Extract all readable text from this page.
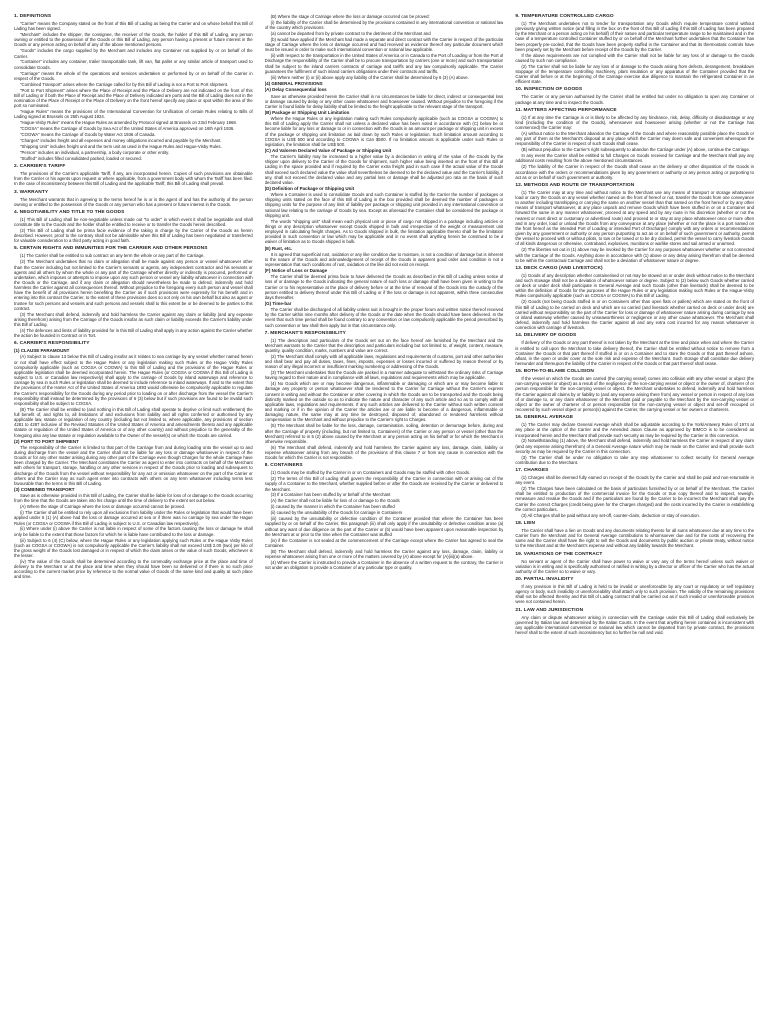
1. DEFINITIONS

"Carrier" means the Company stated on the front of this Bill of Lading as being the Carrier and on whose behalf this Bill of Lading has been signed.

"Merchant" includes the shipper, the consignee, the receiver of the Goods, the holder of this Bill of Lading, any person owning or entitled to the possession of the Goods or this Bill of Lading, any person having a present or future interest in the Goods or any person acting on behalf of any of the above mentioned persons.

"Goods" includes the cargo supplied by the Merchant and includes any Container not supplied by or on behalf of the Carrier.

"Container" includes any container, trailer transportable tank, lift van, flat pallet or any similar article of transport used to consolidate Goods.

"Carriage" means the whole of the operations and services undertaken or performed by or on behalf of the Carrier in respect of the Goods.

"Combined Transport" arises where the Carriage called for by this Bill of Lading is not a Port to Port shipment.

"Port to Port Shipment" arises where the Place of Receipt and the Place of Delivery are not indicated on the front of this Bill of Lading or if both the Place of Receipt and the Place of Delivery indicated are ports and the Bill of Lading does not in the nomination of the Place of Receipt or the Place of Delivery on the front hereof specify any place or spot within the area of the port so nominated.

"Hague Rules" means the provisions of the International Convention for Unification of certain Rules relating to Bills of Lading signed at Brussels on 25th August 1924.

"Hague-Visby Rules" means the Hague Rules as amended by Protocol signed at Brussels on 23rd February 1968.

"COGSA" means the Carriage of Goods by Sea Act of the United States of America approved on 16th April 1936.

"COGWA" means the Carriage of Goods by Water Act 1936 of Canada.

"Charges" includes freight and all expenses and money obligations incurred and payable by the Merchant.

"Shipping Unit" includes freight unit and the term unit as used in the Hague Rules and Hague-Visby Rules.

"Person" includes an individual, a partnership, a body corporate or other entity.

"Stuffed" includes filled consolidated packed, loaded or secured.

2. CARRIER'S TARIFF

The provisions of the Carrier's applicable Tariff, if any, are incorporated herein. Copies of such provisions are obtainable from the Carrier or his agents upon request or where applicable, from a government body with whom the Tariff has been filed. In the case of inconsistency between this Bill of Lading and the applicable Tariff, this Bill of Lading shall prevail.

3. WARRANTY

The Merchant warrants that in agreeing to the terms hereof he is or is the agent of and has the authority of the person owning or entitled to the possession of the Goods or any person who has a present or future interest in the Goods.

4. NEGOTIABILITY AND TITLE TO THE GOODS

(1) This Bill of Lading shall be non-negotiable unless made out "to order" in which event it shall be negotiable and shall constitute title to the Goods and the holder shall be entitled to receive or to transfer the Goods herein described.

(2) This Bill of Lading shall be prima facie evidence of the taking in charge by the Carrier of the Goods as herein described. However, proof to the contrary shall not be admissible when this Bill of Lading has been negotiated or transferred for valuable consideration to a third party acting in good faith.

5. CERTAIN RIGHTS AND IMMUNITIES FOR THE CARRIER AND OTHER PERSONS

(1) The Carrier shall be entitled to sub contract on any term the whole or any part of the Carriage.

(2) The Merchant undertakes that no claim or allegation shall be made against any person or vessel whatsoever other than the Carrier including but not limited to the Carrier's servants or agents, any independent contractor and his servants or agents and all others by whom the whole or any part of the Carriage whether directly or indirectly is procured, performed or undertaken, which imposes or attempts to impose upon any such person or vessel any liability whatsoever in connection with the Goods or the Carriage, and if any claim or allegation should nevertheless be made to defend, indemnify and hold harmless the Carrier against all consequences thereof. Without prejudice to the foregoing every such person and vessel shall have the benefit of all provisions herein benefiting the Carrier as if such provisions were expressly for his benefit and in entering into this contract the Carrier, to the extent of these provisions does so not only on his own behalf but also as agent or trustee for such persons and vessels and such persons and vessels shall to this extent be or be deemed to be parties to this contract.

(3) The Merchant shall defend, indemnify and hold harmless the Carrier against any claim or liability (and any expense arising therefrom) arising from the Carriage of the Goods insofar as such claim or liability exceeds the Carrier's liability under this Bill of Lading.

(4) The defences and limits of liability provided for in this Bill of Lading shall apply in any action against the Carrier whether the action be founded in Contract or in Tort.

6. CARRIER'S RESPONSIBILITY
(1) CLAUSE PARAMOUNT

(A) Subject to clause 13 below this Bill of Lading insofar as it relates to sea carriage by any vessel whether named herein or not shall have effect subject to the Hague Rules or any legislation making such Rules or the Hague Visby Rules compulsorily applicable (such as COGSA or COGWA) to this Bill of Lading and the provisions of the Hague Rules or applicable legislation shall be deemed incorporated herein. The Hague Rules (or COGSA or COGWA if this Bill of Lading is subject to U.S. or Canadian law respectively) shall apply to the carriage of Goods by inland waterways and reference to carriage by sea in such Rules or legislation shall be deemed to include reference to inland waterways. If and to the extent that the provisions of the Harter Act of the United States of America 1893 would otherwise be compulsorily applicable to regulate the Carrier's responsibility for the Goods during any period prior to loading on or after discharge from the vessel the Carrier's responsibility shall instead be determined by the provisions of 6 (3) below but if such provisions are found to be invalid such responsibility shall be subject to COGSA.

(B) The Carrier shall be entitled to (and nothing in this Bill of Lading shall operate to deprive or limit such entitlement) the full benefit of, and rights to, all limitations of and exclusions from liability and all rights conferred or authorised by any applicable law, statute or regulation of any country (including but not limited to, where applicable, any provisions of section 4281 to 4287 inclusive of the Revised Statutes of the United States of America and amendments thereto and any applicable statute or regulation of the United States of America or of any other country) and without prejudice to the generality of the foregoing also any law statute or regulation available to the Owner of the vessel(s) on which the Goods are carried.

(2) PORT TO PORT SHIPMENT

The responsibility of the Carrier is limited to that part of the Carriage from and during loading onto the vessel up to and during discharge from the vessel and the Carrier shall not be liable for any loss or damage whatsoever in respect of the Goods or for any other matter arising during any other part of the Carriage even though Charges for the whole Carriage have been charged by the Carrier. The Merchant constitutes the Carrier as agent to enter into contracts on behalf of the Merchant with others for transport, storage, handling or any other services in respect of the Goods prior to loading and subsequent to discharge of the Goods from the vessel without responsibility for any act or omission whatsoever on the part of the Carrier or others and the Carrier may as such agent enter into contracts with others on any term whatsoever including terms less favourable than the terms in this Bill of Lading.

(3) COMBINED TRANSPORT

Save as is otherwise provided in this Bill of Lading, the Carrier shall be liable for loss of or damage to the Goods occurring from the time that the Goods are taken into his charge until the time of delivery to the extent set out below.

(A) Where the stage of Carriage where the loss or damage occurred cannot be proved.

(i) The Carrier shall be entitled to rely upon all exclusions from liability under the Rules or legislation that would have been applied under 6 (1) (A) above had the loss or damage occurred at sea or if there was no carriage by sea under the Hague Rules (or COGSA or COGWA if this Bill of Lading is subject to U.S. or Canadian law respectively).

(ii) Where under (i) above the Carrier is not liable in respect of some of the factors causing the loss or damage he shall only be liable to the extent that those factors for which he is liable have contributed to the loss or damage.

(iii) Subject to 6 (4) (C) below, where the Hague Rules or any legislation applying such Rules or the Hague Visby Rules (such as COGSA or COGWA) is not compulsorily applicable the Carrier's liability shall not exceed US$ 2.00 (two) per kilo of the gross weight of the Goods lost damaged or in respect of which the claim arises or the value of such Goods, whichever is the lesser.

(iv) The value of the Goods shall be determined according to the commodity exchange price at the place and time of delivery to the Merchant or at the place and time when they should have been so delivered or if there is no such price according to the current market price by reference to the normal value of Goods of the same kind and quality at such place and time.

(B) Where the stage of Carriage where the loss or damage occurred can be proved:

(i) the liability of the Carrier shall be determined by the provisions contained in any international convention or national law of the country which provisions:

(a) cannot be departed from by private contract to the detriment of the Merchant and

(b) would have applied if the Merchant had made a separate and direct contract with the Carrier in respect of the particular stage of Carriage where the loss or damage occurred and had received as evidence thereof any particular document which must be issued in order to make such international convention or national law applicable.

(ii) with respect to the transportation in the United States of America or in Canada to the Port of Loading or from the Port of Discharge the responsibility of the Carrier shall be to procure transportation by carriers (one or more) and such transportation shall be subject to the inland carriers contracts of carriage and tariffs and any law compulsorily applicable. The Carrier guarantees the fulfilment of such inland carriers obligations under their contracts and tariffs.

(iii) Where neither (i) or (ii) above apply any liability of the Carrier shall be determined by 6 (3) (A) above.

(4) GENERAL PROVISIONS
(A) Delay Consequential loss

Save as otherwise provided herein the Carrier shall in no circumstances be liable for direct, indirect or consequential loss or damage caused by delay or any other cause whatsoever and howsoever caused. Without prejudice to the foregoing if the Carrier is found liable for delay liability shall be limited to the freight applicable to the relevant stage of the transport.

(B) Package or Shipping Unit Limitation

Where the Hague Rules or any legislation making such Rules compulsorily applicable (such as COGSA or COGWA) to this Bill of Lading apply the Carrier shall not unless a declared value has been noted in accordance with (C) below be or become liable for any loss or damage to or in connection with the Goods in an amount per package or shipping unit in excess of the package or shipping unit limitation as laid down by such Rules or legislation. Such limitation amount according to COGSA is US$ 500 and according to COGWA is Can $500. If no limitation amount is applicable under such Rules or legislation, the limitation shall be US$ 500.

(C) Ad Valorem Declared Value of Package or Shipping Unit

The Carrier's liability may be increased to a higher value by a declaration in writing of the value of the Goods by the shipper upon delivery to the Carrier of the Goods for shipment, such higher value being inserted on the front of this Bill of Lading in the space provided and if required by the Carrier extra freight paid in such case if the actual value of the Goods shall exceed such declared value the value shall nevertheless be deemed to be the declared value and the Carrier's liability, if any, shall not exceed the declared value and any partial loss or damage shall be adjusted pro rata on the basis of such declared value.

(D) Definition of Package or Shipping Unit

Where a Container is used to consolidate Goods and such Container is stuffed by the Carrier the number of packages or shipping units stated on the face of this Bill of Lading in the box provided shall be deemed the number of packages or shipping units for the purpose of any limit of liability per package or shipping unit provided in any international convention or national law relating to the carriage of Goods by sea. Except as aforesaid the Container shall be considered the package or shipping unit.

The words "shipping unit" shall mean each physical unit or piece of cargo not shipped in a package including articles or things or any description whatsoever except Goods shipped in bulk and irrespective of the weight or measurement unit employed in calculating freight charges. As to Goods shipped in bulk, the limitation applicable thereto shall be the limitation provided in such convention or law which may be applicable and in no event shall anything herein be construed to be a waiver of limitation as to Goods shipped in bulk.

(E) Rust, etc.

It is agreed that superficial rust, oxidation or any like condition due to moisture, is not a condition of damage but is inherent to the nature of the Goods and acknowledgement of receipt of the Goods in apparent good order and condition is not a representation that such conditions of rust, oxidation or the like did not exist on receipt.

(F) Notice of Loss or Damage

The Carrier shall be deemed prima facie to have delivered the Goods as described in this Bill of Lading unless notice of loss of or damage to the Goods indicating the general nature of such loss or damage shall have been given in writing to the Carrier or to his representative at the place of delivery before or at the time of removal of the Goods into the custody of the person entitled to delivery thereof under this Bill of Lading or if the loss or damage is not apparent, within three consecutive days thereafter.

(G) Time-bar

The Carrier shall be discharged of all liability unless suit is brought in the proper forum and written notice thereof received by the Carrier within nine months after delivery of the Goods or the date when the Goods should have been delivered. In the event that such time period shall be found contrary to any convention or law compulsorily applicable the period prescribed by such convention or law shall then apply but in that circumstance only.

7. MERCHANT'S RESPONSIBILITY

(1) The description and particulars of the Goods set out on the face hereof are furnished by the Merchant and the Merchant warrants to the Carrier that the description and particulars including but not limited to, of weight, content, measure, quantity, quality condition, marks, numbers and value are correct.

(2) The Merchant shall comply with all applicable laws, regulations and requirements of customs, port and other authorities and shall bear and pay all duties, taxes, fines, imposts, expenses or losses incurred or suffered by reason thereof or by reason of any illegal incorrect or insufficient marking numbering or addressing of the Goods.

(3) The Merchant undertakes that the Goods are packed in a manner adequate to withstand the ordinary risks of Carriage having regard to their nature and in compliance with all laws, regulations and requirements which may be applicable.

(4) No Goods which are or may become dangerous, inflammable or damaging or which are or may become liable to damage any property or person whatsoever shall be tendered to the Carrier for Carriage without the Carrier's express consent in writing and without the Container or other covering in which the Goods are to be transported and the Goods being distinctly marked on the outside so as to indicate the nature and character of any such article and so as to comply with all applicable laws, regulations and requirements. If any such articles are delivered to the Carrier without such written consent and marking or if in the opinion of the Carrier the articles are or are liable to become of a dangerous, inflammable or damaging nature, the same may at any time be destroyed, disposed of, abandoned or rendered harmless without compensation to the Merchant and without prejudice to the Carrier's right to Charges.

(5) The Merchant shall be liable for the loss, damage, contamination, soiling, detention or demurrage before, during and after the Carriage of property (including, but not limited to, Containers) of the Carrier or any person or vessel (other than the Merchant) referred to in 5 (2) above caused by the Merchant or any person acting on his behalf or for which the Merchant is otherwise responsible.

(6) The Merchant shall defend, indemnify and hold harmless the Carrier against any loss, damage, claim, liability or expense whatsoever arising from any breach of the provisions of this clause 7 or from any cause in connection with the Goods for which the Carrier is not responsible.

8. CONTAINERS

(1) Goods may be stuffed by the Carrier in or on Containers and Goods may be stuffed with other Goods.

(2) The terms of this Bill of Lading shall govern the responsibility of the Carrier in connection with or arising out of the supply of a Container to the Merchant, whether supplied before or after the Goods are received by the Carrier or delivered to the Merchant.

(3) If a Container has been stuffed by or behalf of the Merchant

(A) the Carrier shall not be liable for loss of or damage to the Goods

(i) caused by the manner in which the Container has been stuffed

(ii) caused by the unsuitability of the Goods for carriage in Containers

(iii) caused by the unsuitability or defective condition of the Container provided that where the Container has been supplied by or on behalf of the Carrier, this paragraph (iii) shall only apply if the unsuitability or defective condition arose (a) without any want of due diligence on the part of the Carrier or (b) would have been apparent upon reasonable inspection by the Merchant at or prior to the time when the Container was stuffed

(iv) if the Container is not sealed at the commencement of the Carriage except where the Carrier has agreed to seal the Container.

(B) The Merchant shall defend, indemnify and hold harmless the Carrier against any loss, damage, claim, liability or expense whatsoever arising from one or more of the matters covered by (A) above except for (A)(iii)(a) above.

(4) Where the Carrier is instructed to provide a Container in the absence of a written request to the contrary, the Carrier is not under an obligation to provide a Container of any particular type or quality.

9. TEMPERATURE CONTROLLED CARGO

(1) The Merchant undertakes not to tender for transportation any Goods which require temperature control without previously giving written notice (and filling in the box on the front of this Bill of Lading if this Bill of Lading has been prepared by the Merchant or a person acting on his behalf) of their nature and particular temperature range to be maintained and in the case of a temperature controlled Container stuffed by or on behalf of the Merchant further undertakes that the Container has been properly pre-cooled, that the Goods have been properly stuffed in the Container and that its thermostatic controls have been properly set by the Merchant before receipt of the Goods by the Carrier.

If the above requirements are not complied with the Carrier shall not be liable for any loss of or damage to the Goods caused by such non compliance.

(2) The Carrier shall not be liable for any loss of or damage to the Goods arising from defects, derangement, breakdown stoppage of the temperature controlling machinery, plant insulation or any apparatus of the Container provided that the Carrier shall before or at the beginning of the Carriage exercise due diligence to maintain the refrigerated Container in an efficient state.

10. INSPECTION OF GOODS

The Carrier or any person authorised by the Carrier shall be entitled but under no obligation to open any Container or package at any time and to inspect the Goods.

11. MATTERS AFFECTING PERFORMANCE

(1) If at any time the Carriage is or is likely to be affected by any hindrance, risk, delay, difficulty or disadvantage or any kind (including the condition of the Goods), whensoever and howsoever arising (whether or not the Carriage has commenced) the Carrier may:

(A) without notice to the Merchant abandon the Carriage of the Goods and where reasonably possible place the Goods or any part of them at the Merchant's disposal at any place which the Carrier may deem safe and convenient whereupon the responsibility of the Carrier in respect of such Goods shall cease.

(B) without prejudice to the Carrier's right subsequently to abandon the Carriage under (A) above, continue the Carriage.

In any event the Carrier shall be entitled to full Charges on Goods received for Carriage and the Merchant shall pay any additional costs resulting from the above mentioned circumstances.

(2) The liability of the Carrier in respect of the Goods shall cease on the delivery or other disposition of the Goods in accordance with the orders or recommendations given by any government or authority or any person acting or purporting to act as or on behalf of such government or authority.

12. METHODS AND ROUTE OF TRANSPORTATION

(1) The Carrier may at any time and without notice to the Merchant use any means of transport or storage whatsoever load or carry the Goods on any vessel whether named on the front of hereof or not, transfer the Goods from one conveyance to another including transhipping or carrying the same on another vessel than that named on the front hereof or by any other means of transport whatsoever, at any place unpack and remove Goods which have been stuffed in or on a Container and forward the same in any manner whatsoever, proceed at any speed and by any route in his discretion (whether or not the nearest or most direct or customary or advertised route) and proceed to or stay at any place whatsoever once or more often and in any order, load or unload the Goods from any conveyance at any place (whether or not the place is a port named on the front hereof as the intended Port of Loading or intended Port of Discharge) comply with any orders or recommendations given by any government or authority or any person purporting to act as or on behalf of such government or authority, permit the vessel to proceed with or without pilots, to tow or be towed or to be dry docked, permit the vessel to carry livestock Goods of all kinds dangerous or otherwise, contraband, explosives, munitions or warlike stores and sail armed or unarmed.

(2) The liberties set out in (1) above may be invoked by the Carrier for any purposes whatsoever whether or not connected with the Carriage of the Goods. Anything done in accordance with (1) above or any delay arising therefrom shall be deemed to be within the contractual Carriage and shall not be a deviation of whatsoever nature or degree.

13. DECK CARGO (AND LIVESTOCK)

(1) Goods of any description whether containerised or not may be stowed on or under deck without notice to the Merchant and such stowage shall not be a deviation of whatsoever nature or degree. Subject to (2) below such Goods whether carried on deck or under deck shall participate in General Average and such Goods (other than livestock) shall be deemed to be within the definition of Goods for the purposes of the Hague Rules or any legislation making such Rules or the Hague-Visby Rules compulsorily applicable (such as COGSA or COGWA) to this Bill of Lading.

(2) Goods (not being Goods stuffed in or on Containers other than open flats or pallets) which are stated on the front of this Bill of Lading to be carried on deck and which are so carried (and livestock whether carried on deck or under deck) are carried without responsibility on the part of the Carrier for loss or damage of whatsoever nature arising during carriage by sea or inland waterway whether caused by unseaworthiness or negligence or any other cause whatsoever. The Merchant shall defend, indemnify and hold harmless the Carrier against all and any extra cost incurred for any reason whatsoever in connection with carriage of livestock.

14. DELIVERY OF GOODS

If delivery of the Goods or any part thereof is not taken by the Merchant at the time and place when and where the Carrier is entitled to call upon the Merchant to take delivery thereof, the Carrier shall be entitled without notice to remove from a Container the Goods or that part thereof if stuffed in or on a Container and to store the Goods or that part thereof ashore, afloat, in the open or under cover at the sole risk and expense of the Merchant. Such storage shall constitute due delivery hereunder and thereupon the liability of the Carrier in respect of the Goods or that part thereof shall cease.

15. BOTH-TO-BLAME COLLISION

If the vessel on which the Goods are carried (the carrying vessel) comes into collision with any other vessel or object (the non-carrying vessel or object) as a result of the negligence of the non-carrying vessel or object or the owner of, charterer of or person responsible for the non-carrying vessel or object, the Merchant undertakes to defend, indemnify and hold harmless the Carrier against all claims by or liability to (and any expense arising there from) any vessel or person in respect of any loss of or damage to, or any claim whatsoever of the Merchant paid or payable to the Merchant by the non-carrying vessel or object or the owner of charterer of or person responsible for the non-carrying vessel or object and set-off recouped or recovered by such vessel object or person(s) against the Carrier, the carrying vessel or her owners or charterers.

16. GENERAL AVERAGE

(1) The Carrier may declare General Average which shall be adjustable according to the York/Antwerp Rules of 1974 at any place at the option of the Carrier and the Amended Jason Clause as approved by BIMCO is to be considered as incorporated herein and the Merchant shall provide such security as may be required by the Carrier in this connection.

(2) Notwithstanding (1) above, the Merchant shall defend, indemnify and hold harmless the Carrier in respect of any claim (and any expense arising therefrom) of a General Average nature which may be made on the Carrier and shall provide such security as may be required by the Carrier in this connection.

(3) The Carrier shall be under no obligation to take any step whatsoever to collect security for General Average contribution due to the Merchant.

17. CHARGES

(1) Charges shall be deemed fully earned on receipt of the Goods by the Carrier and shall be paid and non-returnable in any event.

(2) The Charges have been calculated on the basis of particulars furnished by or on behalf of the Merchant. The Carrier shall be entitled to production of the commercial invoice for the Goods or true copy thereof and to inspect, reweigh, remeasure and revalue the Goods and if the particulars are found by the Carrier to be incorrect the Merchant shall pay the Carrier the correct Charges (credit being given for the Charges charged) and the costs incurred by the Carrier in establishing the correct particulars.

(3) All Charges shall be paid without any set-off, counter-claim, deduction or stay of execution.

18. LIEN

The Carrier shall have a lien on Goods and any documents relating thereto for all sums whatsoever due at any time to the Carrier from the Merchant and for General Average contributions to whomsoever due and for the costs of recovering the same and the Carrier shall have the right to sell the Goods and documents by public auction or private treaty, without notice to the Merchant and at the Merchant's expense and without any liability towards the Merchant.

19. VARIATIONS OF THE CONTRACT

No servant or agent of the Carrier shall have power to waive or vary any of the terms hereof unless such waiver or variation is in writing and is specifically authorised or ratified in writing by a director or officer of the Carrier who has the actual authority of the Carrier so to waive or vary.

20. PARTIAL INVALIDITY

If any provision in this Bill of Lading is held to be invalid or unenforceable by any court or regulatory or self regulatory agency or body, such invalidity or unenforceability shall attach only to such provision. The validity of the remaining provisions shall not be affected thereby and this Bill of Lading contract shall be carried out as if such invalid or unenforceable provision were not contained herein.

21. LAW AND JURISDICTION

Any claim or dispute whatsoever arising in connection with the Carriage under this Bill of Lading shall exclusively be governed by Italian law and determined by the Italian Courts. In the event that anything herein contained is inconsistent with any applicable international convention or national law which cannot be departed from by private contract, the provisions hereof shall to the extent of such inconsistency but no further be null and void.
